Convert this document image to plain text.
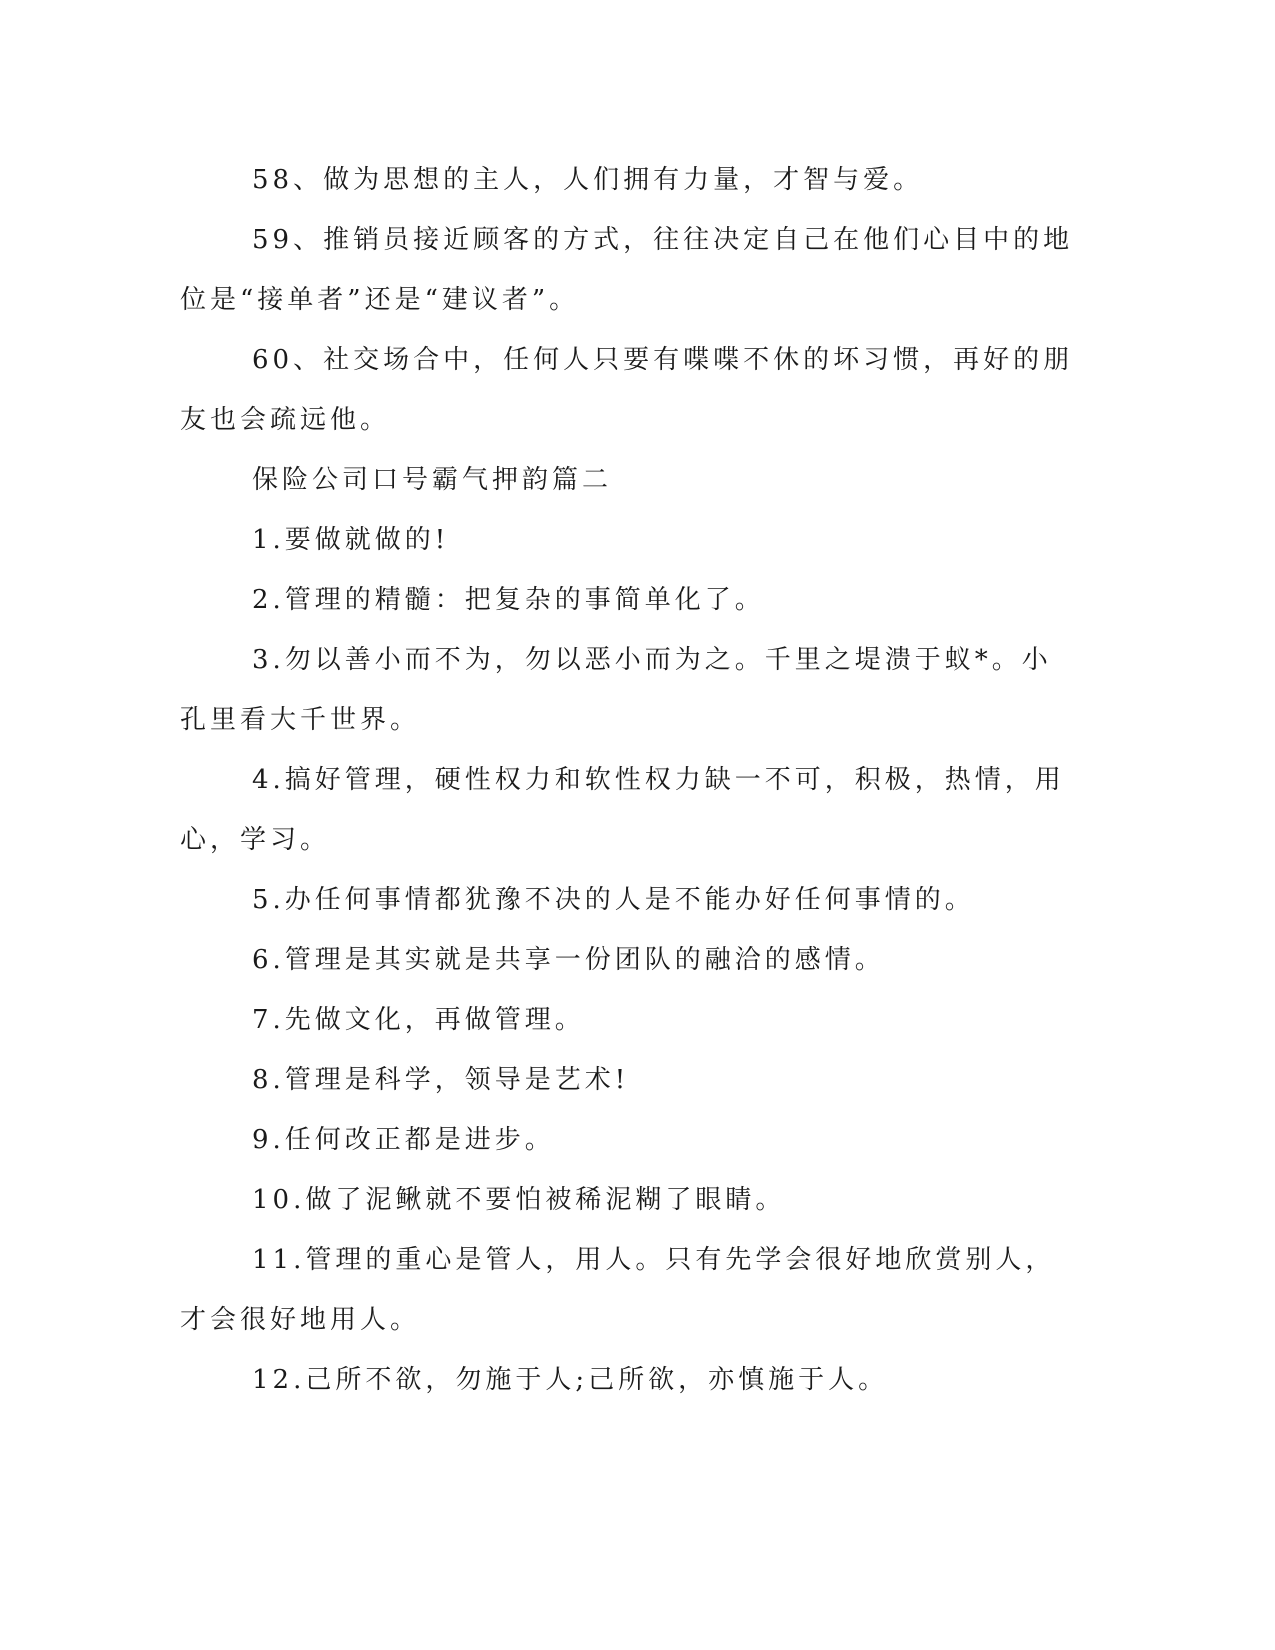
58、做为思想的主人，人们拥有力量，才智与爱。

59、推销员接近顾客的方式，往往决定自己在他们心目中的地位是“接单者”还是“建议者”。

60、社交场合中，任何人只要有喋喋不休的坏习惯，再好的朋友也会疏远他。

保险公司口号霸气押韵篇二

1.要做就做的!

2.管理的精髓：把复杂的事简单化了。

3.勿以善小而不为，勿以恶小而为之。千里之堤溃于蚁*。小孔里看大千世界。

4.搞好管理，硬性权力和软性权力缺一不可，积极，热情，用心，学习。

5.办任何事情都犹豫不决的人是不能办好任何事情的。

6.管理是其实就是共享一份团队的融洽的感情。

7.先做文化，再做管理。

8.管理是科学，领导是艺术!

9.任何改正都是进步。

10.做了泥鳅就不要怕被稀泥糊了眼睛。

11.管理的重心是管人，用人。只有先学会很好地欣赏别人，才会很好地用人。

12.己所不欲，勿施于人;己所欲，亦慎施于人。
